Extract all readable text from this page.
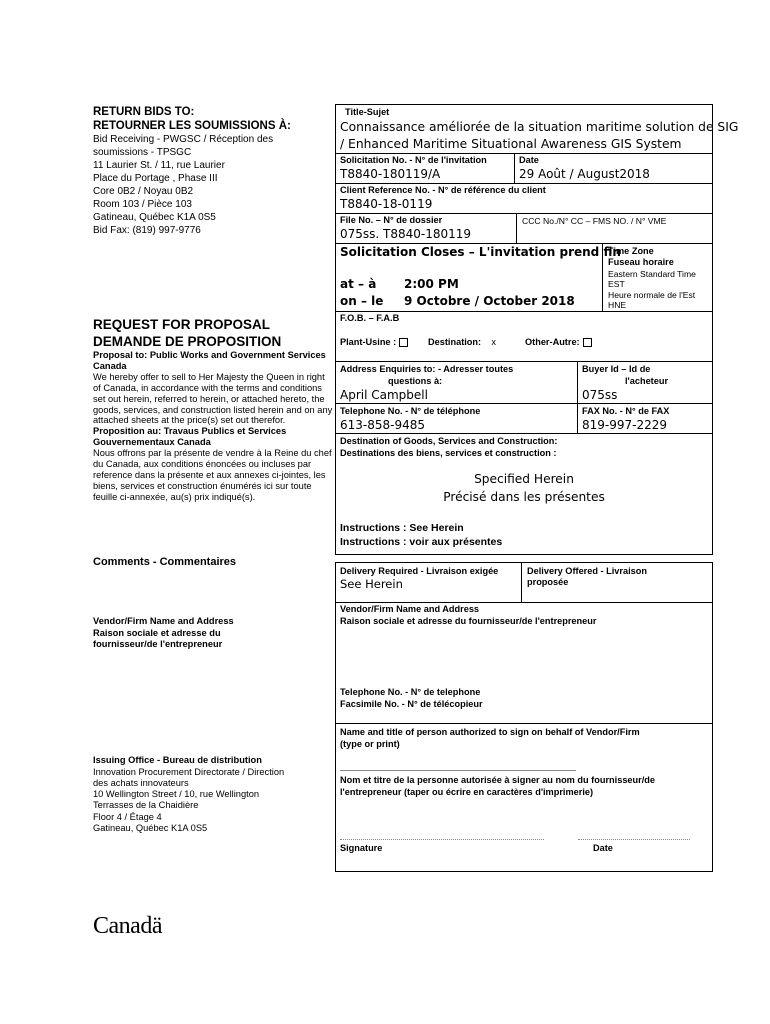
RETURN BIDS TO:
RETOURNER LES SOUMISSIONS À:
Bid Receiving - PWGSC / Réception des
soumissions - TPSGC
11 Laurier St. / 11, rue Laurier
Place du Portage , Phase III
Core 0B2 / Noyau 0B2
Room 103 / Pièce 103
Gatineau, Québec K1A 0S5
Bid Fax: (819) 997-9776
REQUEST FOR PROPOSAL
DEMANDE DE PROPOSITION
Proposal to: Public Works and Government Services Canada
We hereby offer to sell to Her Majesty the Queen in right of Canada, in accordance with the terms and conditions set out herein, referred to herein, or attached hereto, the goods, services, and construction listed herein and on any attached sheets at the price(s) set out therefor.
Proposition au: Travaus Publics et Services Gouvernementaux Canada
Nous offrons par la présente de vendre à la Reine du chef du Canada, aux conditions énoncées ou incluses par reference dans la présente et aux annexes ci-jointes, les biens, services et construction énumérés ici sur toute feuille ci-annexée, au(s) prix indiqué(s).
Comments - Commentaires
Vendor/Firm Name and Address
Raison sociale et adresse du
fournisseur/de l'entrepreneur
Issuing Office - Bureau de distribution
Innovation Procurement Directorate / Direction
des achats innovateurs
10 Wellington Street / 10, rue Wellington
Terrasses de la Chaidière
Floor 4 / Étage 4
Gatineau, Québec K1A 0S5
Title-Sujet
Connaissance améliorée de la situation maritime solution de SIG
/ Enhanced Maritime Situational Awareness GIS System
Solicitation No. - N° de l'invitation
T8840-180119/A
Date
29 Août / August2018
Client Reference No. - N° de référence du client
T8840-18-0119
File No. – N° de dossier
075ss. T8840-180119
CCC No./N° CC – FMS NO. / N° VME
Solicitation Closes – L'invitation prend fin
at – à 2:00 PM
on – le 9 Octobre / October 2018
Time Zone
Fuseau horaire
Eastern Standard Time
EST
Heure normale de l'Est
HNE
F.O.B. – F.A.B
Plant-Usine :	Destination: x	Other-Autre:
Address Enquiries to: - Adresser toutes
questions à:
April Campbell
Buyer Id – Id de
l'acheteur
075ss
Telephone No. - N° de téléphone
613-858-9485
FAX No. - N° de FAX
819-997-2229
Destination of Goods, Services and Construction:
Destinations des biens, services et construction :
Specified Herein
Précisé dans les présentes
Instructions : See Herein
Instructions : voir aux présentes
Delivery Required - Livraison exigée
See Herein
Delivery Offered - Livraison
proposée
Vendor/Firm Name and Address
Raison sociale et adresse du fournisseur/de l'entrepreneur
Telephone No. - N° de telephone
Facsimile No. - N° de télécopieur
Name and title of person authorized to sign on behalf of Vendor/Firm
(type or print)
Nom et titre de la personne autorisée à signer au nom du fournisseur/de
l'entrepreneur (taper ou écrire en caractères d'imprimerie)
Signature	Date
Canadä
